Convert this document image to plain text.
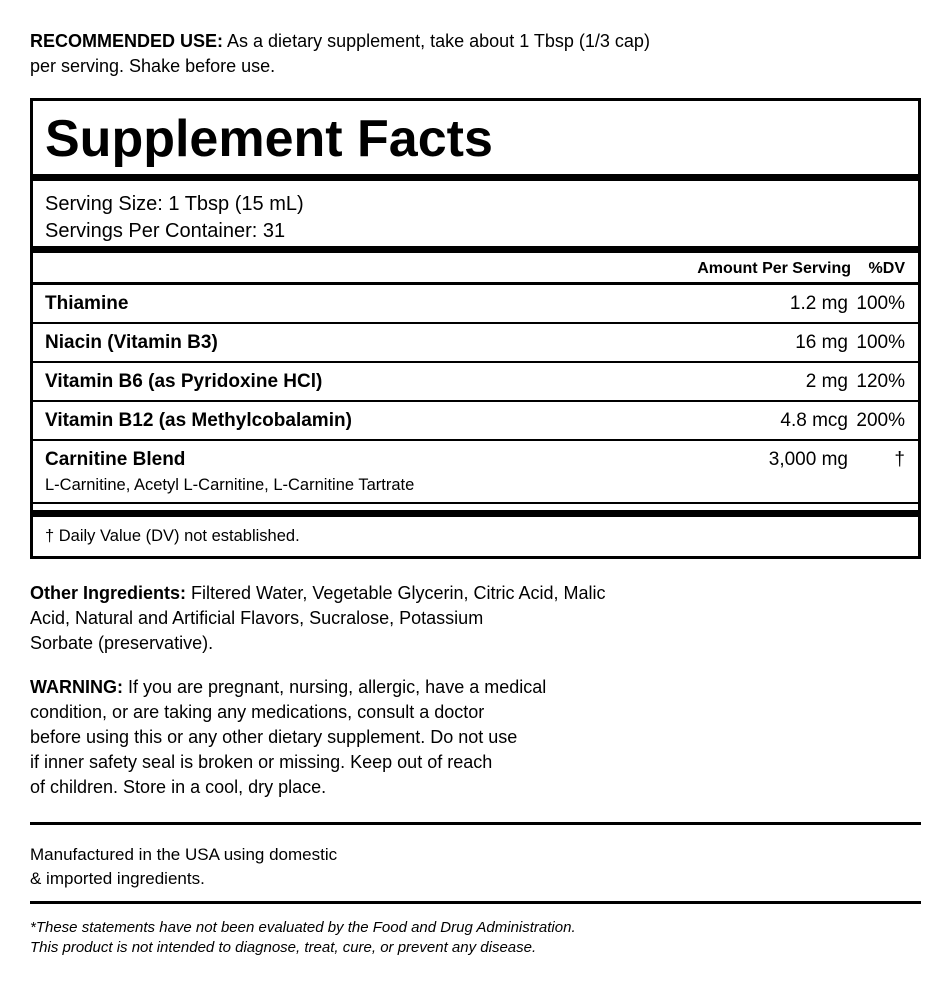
RECOMMENDED USE: As a dietary supplement, take about 1 Tbsp (1/3 cap)
per serving. Shake before use.

Supplement Facts
Serving Size: 1 Tbsp (15 mL)
Servings Per Container: 31
Amount Per Serving %DV
Thiamine	1.2 mg 100%
Niacin (Vitamin B3)	16 mg 100%
Vitamin B6 (as Pyridoxine HCl)	2 mg 120%
Vitamin B12 (as Methylcobalamin)	4.8 mcg 200%
Carnitine Blend	3,000 mg †
L-Carnitine, Acetyl L-Carnitine, L-Carnitine Tartrate
† Daily Value (DV) not established.

Other Ingredients: Filtered Water, Vegetable Glycerin, Citric Acid, Malic
Acid, Natural and Artificial Flavors, Sucralose, Potassium
Sorbate (preservative).

WARNING: If you are pregnant, nursing, allergic, have a medical
condition, or are taking any medications, consult a doctor
before using this or any other dietary supplement. Do not use
if inner safety seal is broken or missing. Keep out of reach
of children. Store in a cool, dry place.

Manufactured in the USA using domestic
& imported ingredients.

*These statements have not been evaluated by the Food and Drug Administration.
This product is not intended to diagnose, treat, cure, or prevent any disease.
